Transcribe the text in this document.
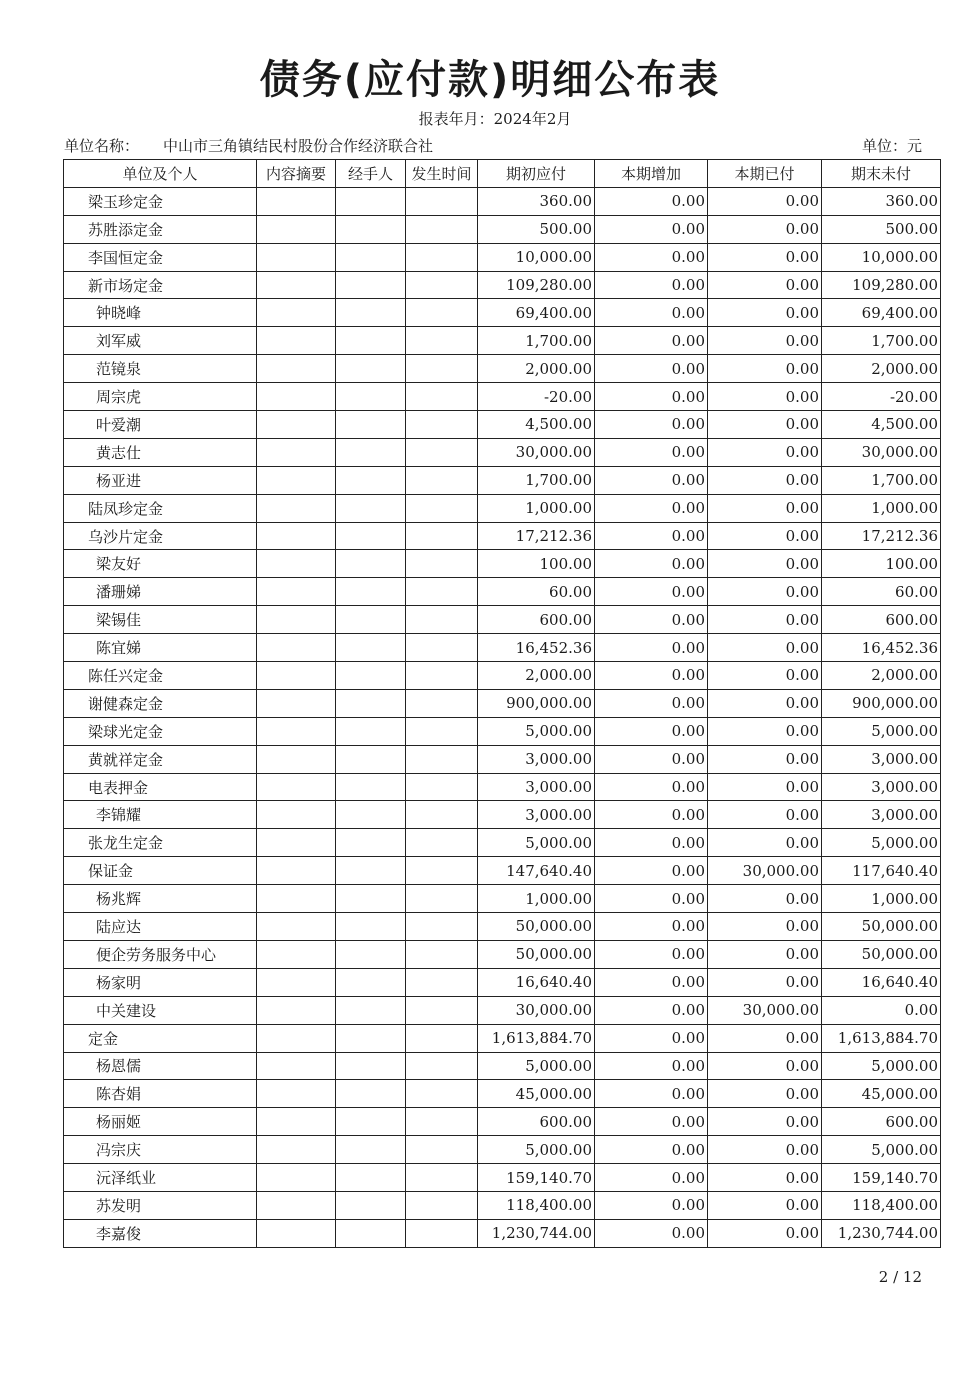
债务(应付款)明细公布表
报表年月：2024年2月
单位名称： 中山市三角镇结民村股份合作经济联合社	单位：元
单位及个人	内容摘要	经手人	发生时间	期初应付	本期增加	本期已付	期末未付
梁玉珍定金				360.00	0.00	0.00	360.00
苏胜添定金				500.00	0.00	0.00	500.00
李国恒定金				10,000.00	0.00	0.00	10,000.00
新市场定金				109,280.00	0.00	0.00	109,280.00
钟晓峰				69,400.00	0.00	0.00	69,400.00
刘军威				1,700.00	0.00	0.00	1,700.00
范镜泉				2,000.00	0.00	0.00	2,000.00
周宗虎				-20.00	0.00	0.00	-20.00
叶爱潮				4,500.00	0.00	0.00	4,500.00
黄志仕				30,000.00	0.00	0.00	30,000.00
杨亚进				1,700.00	0.00	0.00	1,700.00
陆凤珍定金				1,000.00	0.00	0.00	1,000.00
乌沙片定金				17,212.36	0.00	0.00	17,212.36
梁友好				100.00	0.00	0.00	100.00
潘珊娣				60.00	0.00	0.00	60.00
梁锡佳				600.00	0.00	0.00	600.00
陈宜娣				16,452.36	0.00	0.00	16,452.36
陈任兴定金				2,000.00	0.00	0.00	2,000.00
谢健森定金				900,000.00	0.00	0.00	900,000.00
梁球光定金				5,000.00	0.00	0.00	5,000.00
黄就祥定金				3,000.00	0.00	0.00	3,000.00
电表押金				3,000.00	0.00	0.00	3,000.00
李锦耀				3,000.00	0.00	0.00	3,000.00
张龙生定金				5,000.00	0.00	0.00	5,000.00
保证金				147,640.40	0.00	30,000.00	117,640.40
杨兆辉				1,000.00	0.00	0.00	1,000.00
陆应达				50,000.00	0.00	0.00	50,000.00
便企劳务服务中心				50,000.00	0.00	0.00	50,000.00
杨家明				16,640.40	0.00	0.00	16,640.40
中关建设				30,000.00	0.00	30,000.00	0.00
定金				1,613,884.70	0.00	0.00	1,613,884.70
杨恩儒				5,000.00	0.00	0.00	5,000.00
陈杏娟				45,000.00	0.00	0.00	45,000.00
杨丽姬				600.00	0.00	0.00	600.00
冯宗庆				5,000.00	0.00	0.00	5,000.00
沅泽纸业				159,140.70	0.00	0.00	159,140.70
苏发明				118,400.00	0.00	0.00	118,400.00
李嘉俊				1,230,744.00	0.00	0.00	1,230,744.00
2 / 12
